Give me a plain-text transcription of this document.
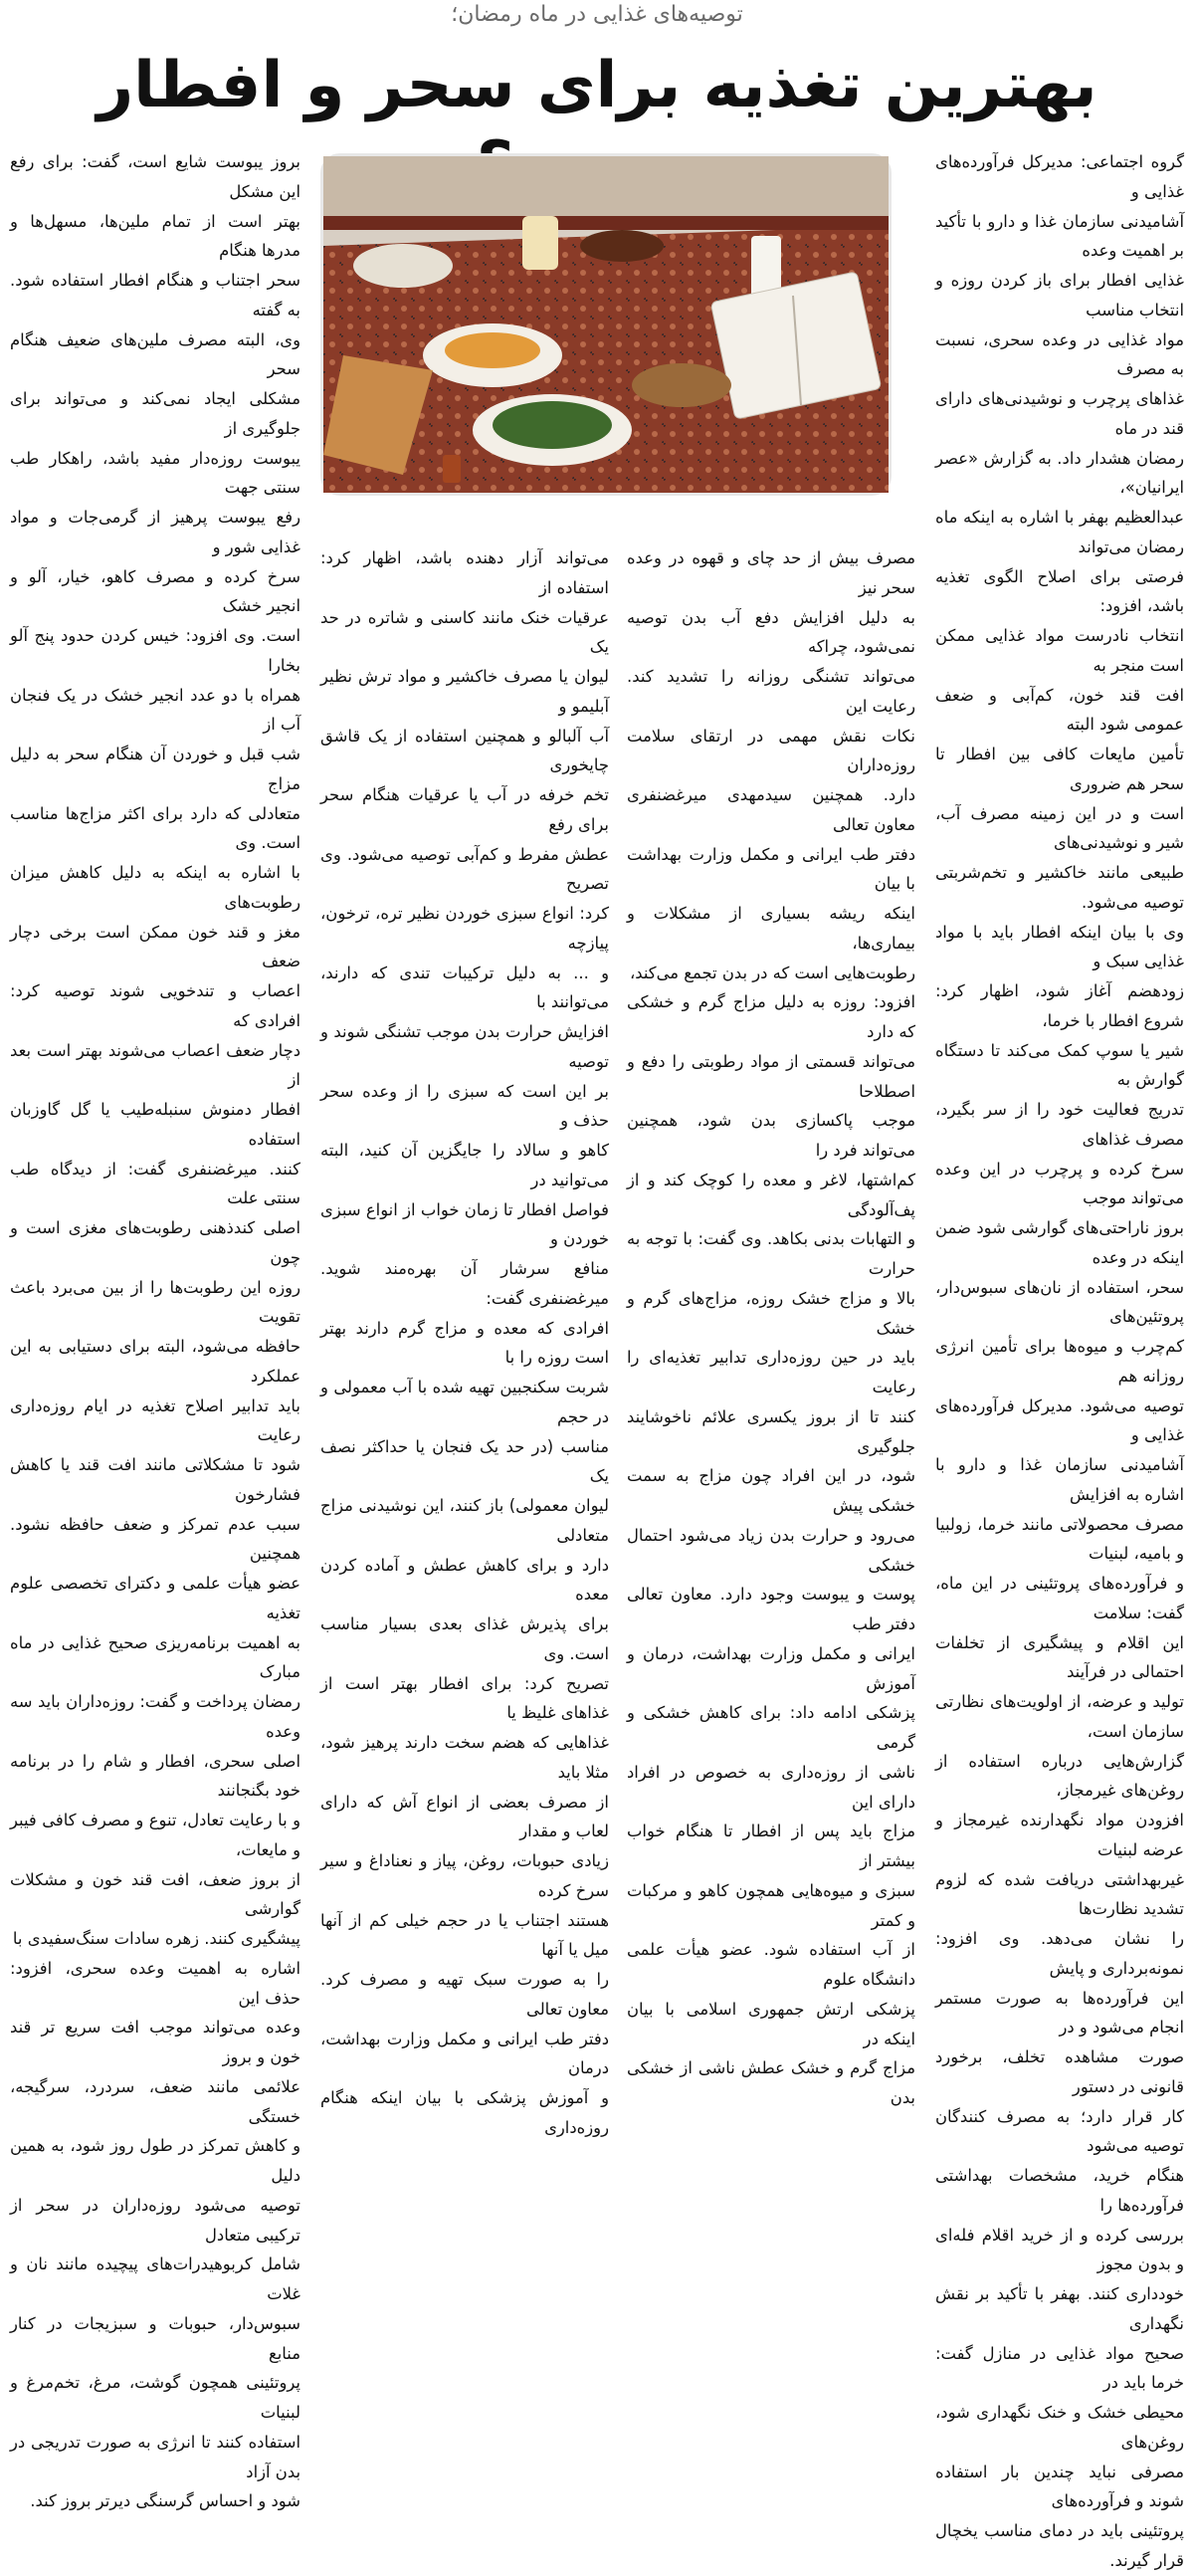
توصیه‌های غذایی در ماه رمضان؛
بهترین تغذیه برای سحر و افطار
گروه اجتماعی: مدیرکل فرآورده‌های غذایی و
آشامیدنی سازمان غذا و دارو با تأکید بر اهمیت وعده
غذایی افطار برای باز کردن روزه و انتخاب مناسب
مواد غذایی در وعده سحری، نسبت به مصرف
غذاهای پرچرب و نوشیدنی‌های دارای قند در ماه
رمضان هشدار داد. به گزارش «عصر ایرانیان»،
عبدالعظیم بهفر با اشاره به اینکه ماه رمضان می‌تواند
فرصتی برای اصلاح الگوی تغذیه باشد، افزود:
انتخاب نادرست مواد غذایی ممکن است منجر به
افت قند خون، کم‌آبی و ضعف عمومی شود البته
تأمین مایعات کافی بین افطار تا سحر هم ضروری
است و در این زمینه مصرف آب، شیر و نوشیدنی‌های
طبیعی مانند خاکشیر و تخم‌شربتی توصیه می‌شود.
وی با بیان اینکه افطار باید با مواد غذایی سبک و
زودهضم آغاز شود، اظهار کرد: شروع افطار با خرما،
شیر یا سوپ کمک می‌کند تا دستگاه گوارش به
تدریج فعالیت خود را از سر بگیرد، مصرف غذاهای
سرخ کرده و پرچرب در این وعده می‌تواند موجب
بروز ناراحتی‌های گوارشی شود ضمن اینکه در وعده
سحر، استفاده از نان‌های سبوس‌دار، پروتئین‌های
کم‌چرب و میوه‌ها برای تأمین انرژی روزانه هم
توصیه می‌شود. مدیرکل فرآورده‌های غذایی و
آشامیدنی سازمان غذا و دارو با اشاره به افزایش
مصرف محصولاتی مانند خرما، زولبیا و بامیه، لبنیات
و فرآورده‌های پروتئینی در این ماه، گفت: سلامت
این اقلام و پیشگیری از تخلفات احتمالی در فرآیند
تولید و عرضه، از اولویت‌های نظارتی سازمان است،
گزارش‌هایی درباره استفاده از روغن‌های غیرمجاز،
افزودن مواد نگهدارنده غیرمجاز و عرضه لبنیات
غیربهداشتی دریافت شده که لزوم تشدید نظارت‌ها
را نشان می‌دهد. وی افزود: نمونه‌برداری و پایش
این فرآورده‌ها به صورت مستمر انجام می‌شود و در
صورت مشاهده تخلف، برخورد قانونی در دستور
کار قرار دارد؛ به مصرف کنندگان توصیه می‌شود
هنگام خرید، مشخصات بهداشتی فرآورده‌ها را
بررسی کرده و از خرید اقلام فله‌ای و بدون مجوز
خودداری کنند. بهفر با تأکید بر نقش نگهداری
صحیح مواد غذایی در منازل گفت: خرما باید در
محیطی خشک و خنک نگهداری شود، روغن‌های
مصرفی نباید چندین بار استفاده شوند و فرآورده‌های
پروتئینی باید در دمای مناسب یخچال قرار گیرند.
مصرف بیش از حد چای و قهوه در وعده سحر نیز
به دلیل افزایش دفع آب بدن توصیه نمی‌شود، چراکه
می‌تواند تشنگی روزانه را تشدید کند. رعایت این
نکات نقش مهمی در ارتقای سلامت روزه‌داران
دارد. همچنین سیدمهدی میرغضنفری معاون تعالی
دفتر طب ایرانی و مکمل وزارت بهداشت با بیان
اینکه ریشه بسیاری از مشکلات و بیماری‌ها،
رطوبت‌هایی است که در بدن تجمع می‌کند،
افزود: روزه به دلیل مزاج گرم و خشکی که دارد
می‌تواند قسمتی از مواد رطوبتی را دفع و اصطلاحا
موجب پاکسازی بدن شود، همچنین می‌تواند فرد را
کم‌اشتها، لاغر و معده را کوچک کند و از پف‌آلودگی
و التهابات بدنی بکاهد. وی گفت: با توجه به حرارت
بالا و مزاج خشک روزه، مزاج‌های گرم و خشک
باید در حین روزه‌داری تدابیر تغذیه‌ای را رعایت
کنند تا از بروز یکسری علائم ناخوشایند جلوگیری
شود، در این افراد چون مزاج به سمت خشکی پیش
می‌رود و حرارت بدن زیاد می‌شود احتمال خشکی
پوست و یبوست وجود دارد. معاون تعالی دفتر طب
ایرانی و مکمل وزارت بهداشت، درمان و آموزش
پزشکی ادامه داد: برای کاهش خشکی و گرمی
ناشی از روزه‌داری به خصوص در افراد دارای این
مزاج باید پس از افطار تا هنگام خواب بیشتر از
سبزی و میوه‌هایی همچون کاهو و مرکبات و کمتر
از آب استفاده شود. عضو هیأت علمی دانشگاه علوم
پزشکی ارتش جمهوری اسلامی با بیان اینکه در
مزاج گرم و خشک عطش ناشی از خشکی بدن
می‌تواند آزار دهنده باشد، اظهار کرد: استفاده از
عرقیات خنک مانند کاسنی و شاتره در حد یک
لیوان یا مصرف خاکشیر و مواد ترش نظیر آبلیمو و
آب آلبالو و همچنین استفاده از یک قاشق چایخوری
تخم خرفه در آب یا عرقیات هنگام سحر برای رفع
عطش مفرط و کم‌آبی توصیه می‌شود. وی تصریح
کرد: انواع سبزی خوردن نظیر تره، ترخون، پیازچه
و ... به دلیل ترکیبات تندی که دارند، می‌توانند با
افزایش حرارت بدن موجب تشنگی شوند و توصیه
بر این است که سبزی را از وعده سحر حذف و
کاهو و سالاد را جایگزین آن کنید، البته می‌توانید در
فواصل افطار تا زمان خواب از انواع سبزی خوردن و
منافع سرشار آن بهره‌مند شوید. میرغضنفری گفت:
افرادی که معده و مزاج گرم دارند بهتر است روزه را با
شربت سکنجبین تهیه شده با آب معمولی و در حجم
مناسب (در حد یک فنجان یا حداکثر نصف یک
لیوان معمولی) باز کنند، این نوشیدنی مزاج متعادلی
دارد و برای کاهش عطش و آماده کردن معده
برای پذیرش غذای بعدی بسیار مناسب است. وی
تصریح کرد: برای افطار بهتر است از غذاهای غلیظ یا
غذاهایی که هضم سخت دارند پرهیز شود، مثلا باید
از مصرف بعضی از انواع آش که دارای لعاب و مقدار
زیادی حبوبات، روغن، پیاز و نعناداغ و سیر سرخ کرده
هستند اجتناب یا در حجم خیلی کم از آنها میل یا آنها
را به صورت سبک تهیه و مصرف کرد. معاون تعالی
دفتر طب ایرانی و مکمل وزارت بهداشت، درمان
و آموزش پزشکی با بیان اینکه هنگام روزه‌داری
بروز یبوست شایع است، گفت: برای رفع این مشکل
بهتر است از تمام ملین‌ها، مسهل‌ها و مدرها هنگام
سحر اجتناب و هنگام افطار استفاده شود. به گفته
وی، البته مصرف ملین‌های ضعیف هنگام سحر
مشکلی ایجاد نمی‌کند و می‌تواند برای جلوگیری از
یبوست روزه‌دار مفید باشد، راهکار طب سنتی جهت
رفع یبوست پرهیز از گرمی‌جات و مواد غذایی شور و
سرخ کرده و مصرف کاهو، خیار، آلو و انجیر خشک
است. وی افزود: خیس کردن حدود پنج آلو بخارا
همراه با دو عدد انجیر خشک در یک فنجان آب از
شب قبل و خوردن آن هنگام سحر به دلیل مزاج
متعادلی که دارد برای اکثر مزاج‌ها مناسب است. وی
با اشاره به اینکه به دلیل کاهش میزان رطوبت‌های
مغز و قند خون ممکن است برخی دچار ضعف
اعصاب و تندخویی شوند توصیه کرد: افرادی که
دچار ضعف اعصاب می‌شوند بهتر است بعد از
افطار دمنوش سنبله‌طیب یا گل گاوزبان استفاده
کنند. میرغضنفری گفت: از دیدگاه طب سنتی علت
اصلی کندذهنی رطوبت‌های مغزی است و چون
روزه این رطوبت‌ها را از بین می‌برد باعث تقویت
حافظه می‌شود، البته برای دستیابی به این عملکرد
باید تدابیر اصلاح تغذیه در ایام روزه‌داری رعایت
شود تا مشکلاتی مانند افت قند یا کاهش فشارخون
سبب عدم تمرکز و ضعف حافظه نشود. همچنین
عضو هیأت علمی و دکترای تخصصی علوم تغذیه
به اهمیت برنامه‌ریزی صحیح غذایی در ماه مبارک
رمضان پرداخت و گفت: روزه‌داران باید سه وعده
اصلی سحری، افطار و شام را در برنامه خود بگنجانند
و با رعایت تعادل، تنوع و مصرف کافی فیبر و مایعات،
از بروز ضعف، افت قند خون و مشکلات گوارشی
پیشگیری کنند. زهره سادات سنگ‌سفیدی با
اشاره به اهمیت وعده سحری، افزود: حذف این
وعده می‌تواند موجب افت سریع تر قند خون و بروز
علائمی مانند ضعف، سردرد، سرگیجه، خستگی
و کاهش تمرکز در طول روز شود، به همین دلیل
توصیه می‌شود روزه‌داران در سحر از ترکیبی متعادل
شامل کربوهیدرات‌های پیچیده مانند نان و غلات
سبوس‌دار، حبوبات و سبزیجات در کنار منابع
پروتئینی همچون گوشت، مرغ، تخم‌مرغ و لبنیات
استفاده کنند تا انرژی به صورت تدریجی در بدن آزاد
شود و احساس گرسنگی دیرتر بروز کند.
